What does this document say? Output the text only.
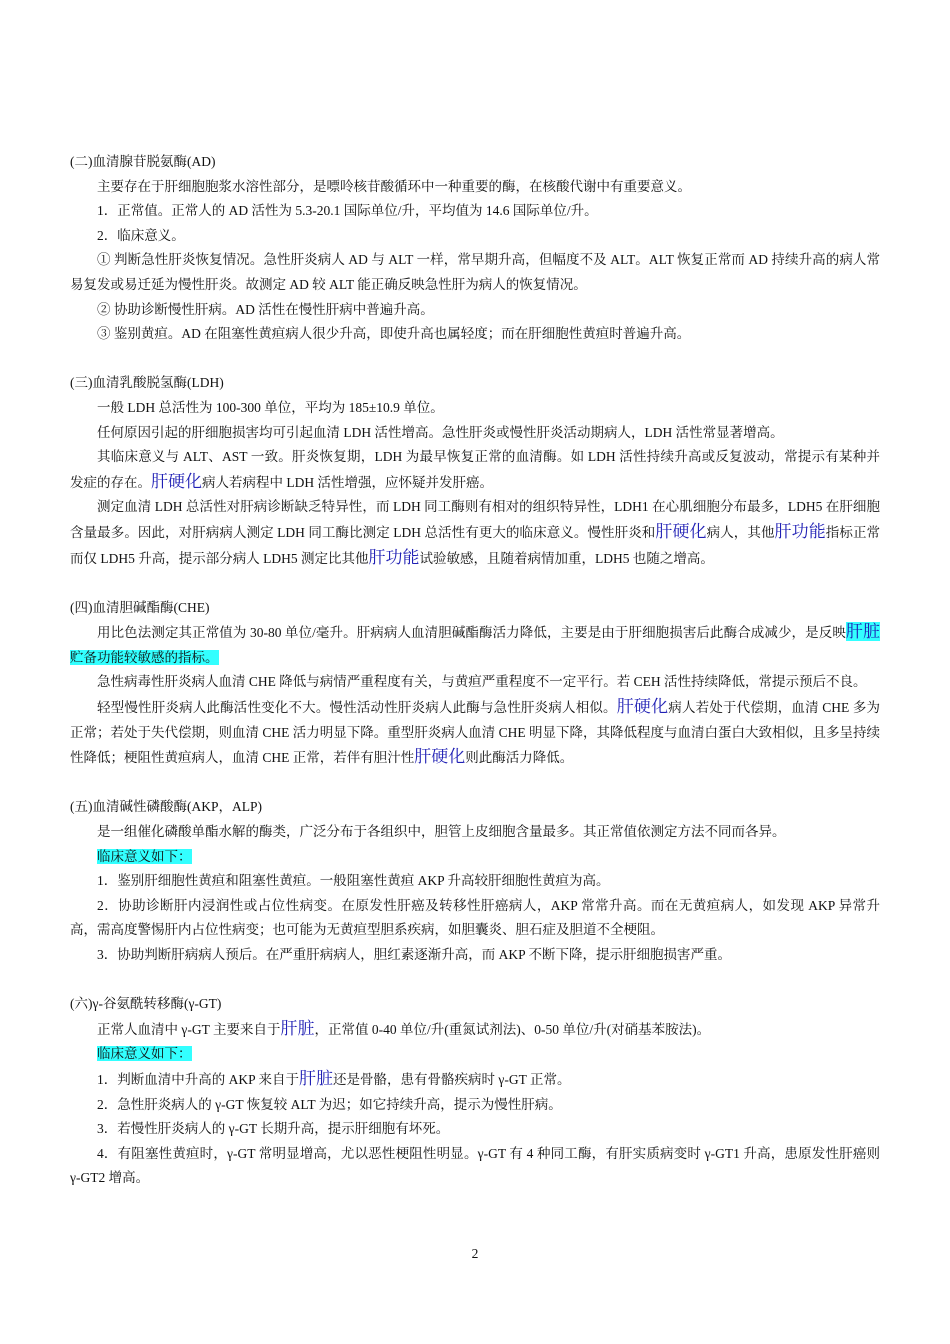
(二)血清腺苷脱氨酶(AD)

主要存在于肝细胞胞浆水溶性部分，是嘌呤核苷酸循环中一种重要的酶，在核酸代谢中有重要意义。

1．正常值。正常人的 AD 活性为 5.3-20.1 国际单位/升，平均值为 14.6 国际单位/升。

2．临床意义。

① 判断急性肝炎恢复情况。急性肝炎病人 AD 与 ALT 一样，常早期升高，但幅度不及 ALT。ALT 恢复正常而 AD 持续升高的病人常易复发或易迁延为慢性肝炎。故测定 AD 较 ALT 能正确反映急性肝为病人的恢复情况。

② 协助诊断慢性肝病。AD 活性在慢性肝病中普遍升高。

③ 鉴别黄疸。AD 在阻塞性黄疸病人很少升高，即使升高也属轻度；而在肝细胞性黄疸时普遍升高。

(三)血清乳酸脱氢酶(LDH)

一般 LDH 总活性为 100-300 单位，平均为 185±10.9 单位。

任何原因引起的肝细胞损害均可引起血清 LDH 活性增高。急性肝炎或慢性肝炎活动期病人，LDH 活性常显著增高。

其临床意义与 ALT、AST 一致。肝炎恢复期，LDH 为最早恢复正常的血清酶。如 LDH 活性持续升高或反复波动，常提示有某种并发症的存在。肝硬化病人若病程中 LDH 活性增强，应怀疑并发肝癌。

测定血清 LDH 总活性对肝病诊断缺乏特异性，而 LDH 同工酶则有相对的组织特异性，LDH1 在心肌细胞分布最多，LDH5 在肝细胞含量最多。因此，对肝病病人测定 LDH 同工酶比测定 LDH 总活性有更大的临床意义。慢性肝炎和肝硬化病人，其他肝功能指标正常而仅 LDH5 升高，提示部分病人 LDH5 测定比其他肝功能试验敏感，且随着病情加重，LDH5 也随之增高。

(四)血清胆碱酯酶(CHE)

用比色法测定其正常值为 30-80 单位/毫升。肝病病人血清胆碱酯酶活力降低，主要是由于肝细胞损害后此酶合成减少，是反映肝脏贮备功能较敏感的指标。

急性病毒性肝炎病人血清 CHE 降低与病情严重程度有关，与黄疸严重程度不一定平行。若 CEH 活性持续降低，常提示预后不良。

轻型慢性肝炎病人此酶活性变化不大。慢性活动性肝炎病人此酶与急性肝炎病人相似。肝硬化病人若处于代偿期，血清 CHE 多为正常；若处于失代偿期，则血清 CHE 活力明显下降。重型肝炎病人血清 CHE 明显下降，其降低程度与血清白蛋白大致相似，且多呈持续性降低；梗阻性黄疸病人，血清 CHE 正常，若伴有胆汁性肝硬化则此酶活力降低。

(五)血清碱性磷酸酶(AKP，ALP)

是一组催化磷酸单酯水解的酶类，广泛分布于各组织中，胆管上皮细胞含量最多。其正常值依测定方法不同而各异。

临床意义如下：

1．鉴别肝细胞性黄疸和阻塞性黄疸。一般阻塞性黄疸 AKP 升高较肝细胞性黄疸为高。

2．协助诊断肝内浸润性或占位性病变。在原发性肝癌及转移性肝癌病人，AKP 常常升高。而在无黄疸病人，如发现 AKP 异常升高，需高度警惕肝内占位性病变；也可能为无黄疸型胆系疾病，如胆囊炎、胆石症及胆道不全梗阻。

3．协助判断肝病病人预后。在严重肝病病人，胆红素逐渐升高，而 AKP 不断下降，提示肝细胞损害严重。

(六)γ-谷氨酰转移酶(γ-GT)

正常人血清中 γ-GT 主要来自于肝脏，正常值 0-40 单位/升(重氮试剂法)、0-50 单位/升(对硝基苯胺法)。

临床意义如下：

1．判断血清中升高的 AKP 来自于肝脏还是骨骼，患有骨骼疾病时 γ-GT 正常。

2．急性肝炎病人的 γ-GT 恢复较 ALT 为迟；如它持续升高，提示为慢性肝病。

3．若慢性肝炎病人的 γ-GT 长期升高，提示肝细胞有坏死。

4．有阻塞性黄疸时，γ-GT 常明显增高，尤以恶性梗阻性明显。γ-GT 有 4 种同工酶，有肝实质病变时 γ-GT1 升高，患原发性肝癌则 γ-GT2 增高。

2
